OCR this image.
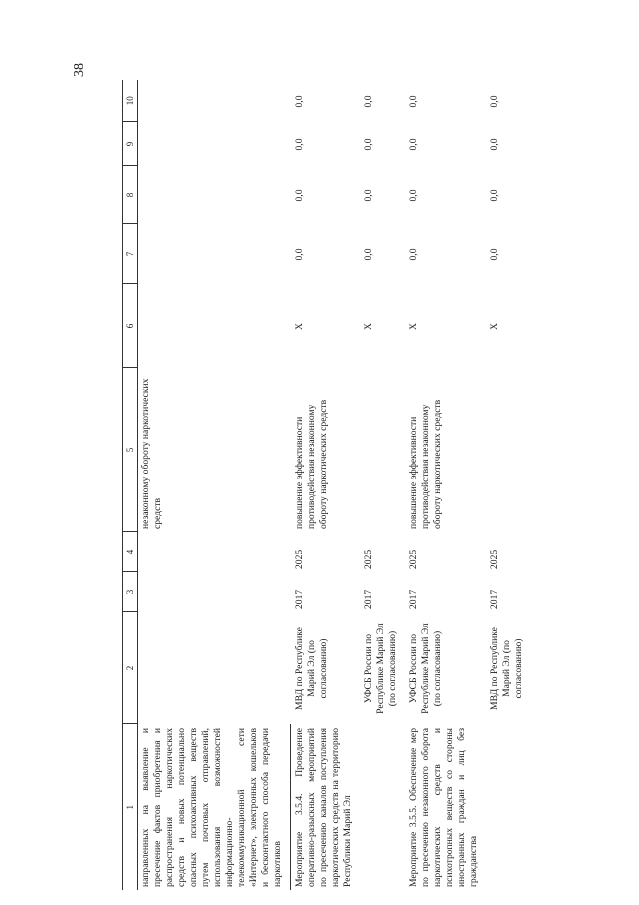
38
1	2	3	4	5	6	7	8	9	10
направленных на выявление и пресечение фактов приобретения и распространения наркотических средств и новых потенциально опасных психоактивных веществ путем почтовых отправлений, использования возможностей информационно-телекоммуникационной сети «Интернет», электронных кошельков и бесконтактного способа передачи наркотиков				незаконному обороту наркотических средств					
Мероприятие 3.5.4. Проведение оперативно-разыскных мероприятий по пресечению каналов поступления наркотических средств на территорию Республики Марий Эл	МВД по Республике Марий Эл (по согласованию)	2017	2025	повышение эффективности противодействия незаконному обороту наркотических средств	X	0,0	0,0	0,0	0,0
	УФСБ России по Республике Марий Эл (по согласованию)	2017	2025		X	0,0	0,0	0,0	0,0
Мероприятие 3.5.5. Обеспечение мер по пресечению незаконного оборота наркотических средств и психотропных веществ со стороны иностранных граждан и лиц без гражданства	УФСБ России по Республике Марий Эл (по согласованию)	2017	2025	повышение эффективности противодействия незаконному обороту наркотических средств	X	0,0	0,0	0,0	0,0
	МВД по Республике Марий Эл (по согласованию)	2017	2025		X	0,0	0,0	0,0	0,0
